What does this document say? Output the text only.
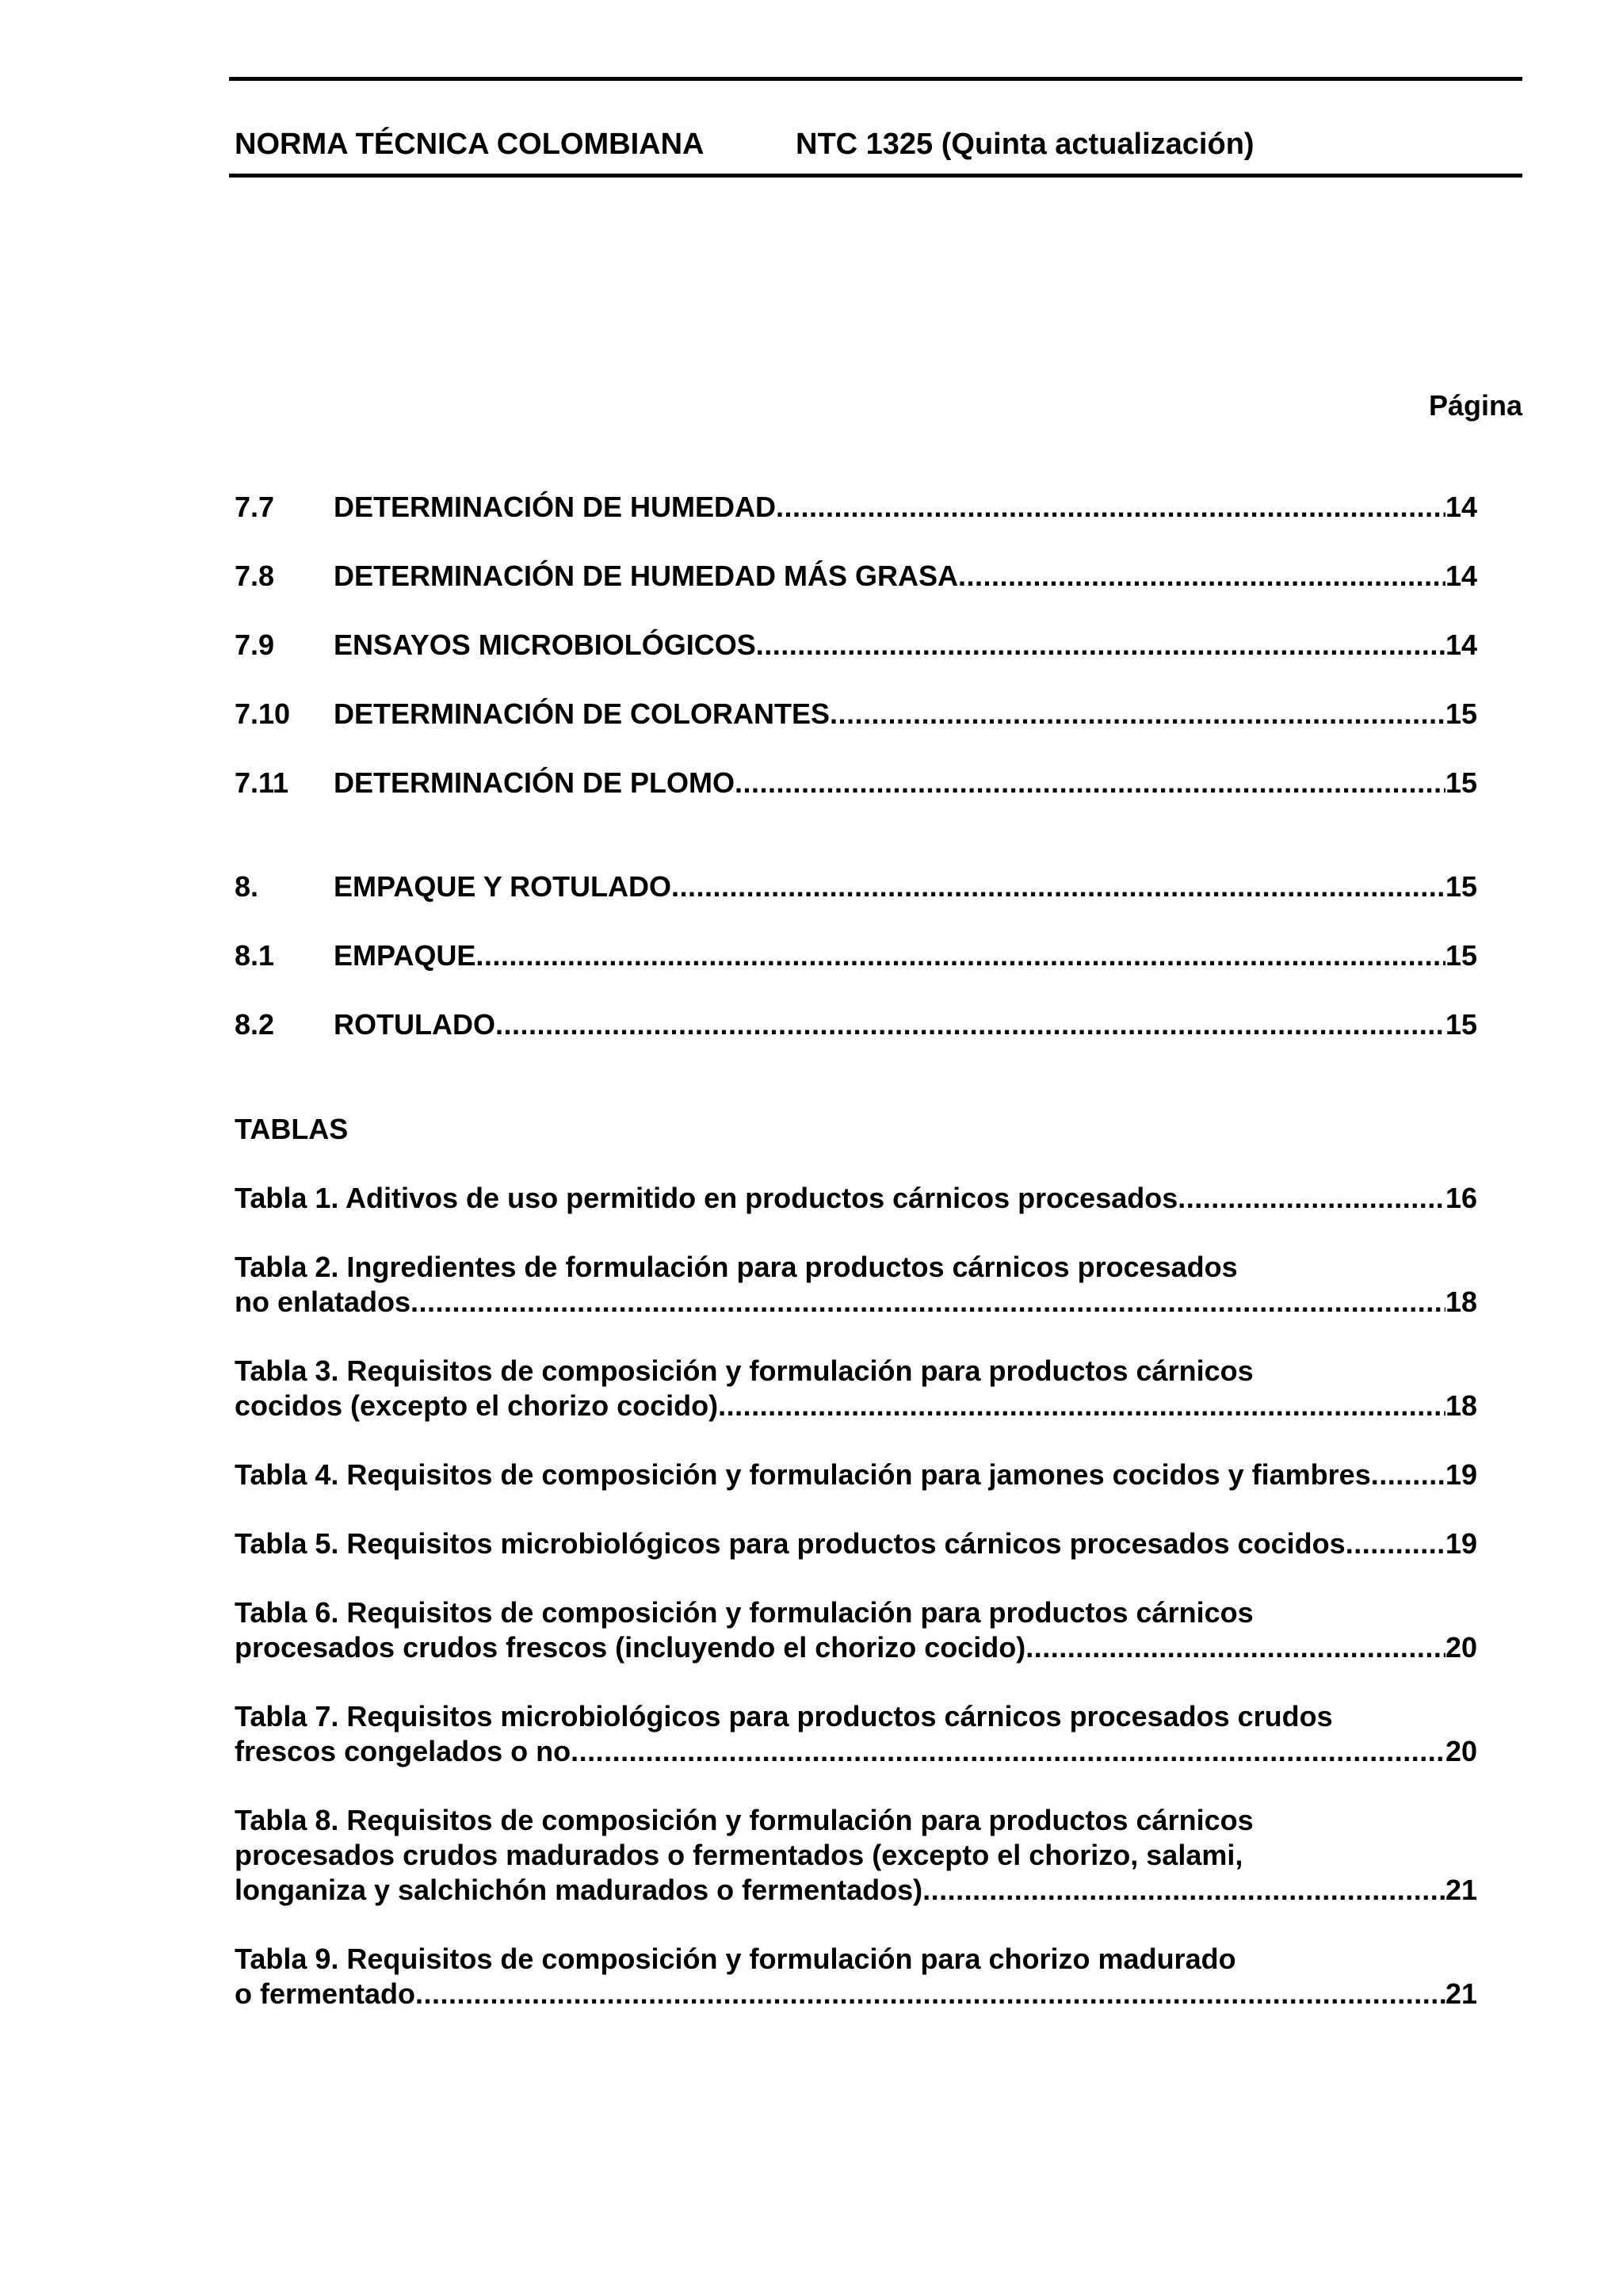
NORMA TÉCNICA COLOMBIANA	NTC 1325 (Quinta actualización)
Página
7.7	DETERMINACIÓN DE HUMEDAD .....	14
7.8	DETERMINACIÓN DE HUMEDAD MÁS GRASA .....	14
7.9	ENSAYOS MICROBIOLÓGICOS .....	14
7.10	DETERMINACIÓN DE COLORANTES .....	15
7.11	DETERMINACIÓN DE PLOMO .....	15
8.	EMPAQUE Y ROTULADO .....	15
8.1	EMPAQUE .....	15
8.2	ROTULADO .....	15
TABLAS
Tabla 1. Aditivos de uso permitido en productos cárnicos procesados .....	16
Tabla 2. Ingredientes de formulación para productos cárnicos procesados
no enlatados .....	18
Tabla 3. Requisitos de composición y formulación para productos cárnicos
cocidos (excepto el chorizo cocido) .....	18
Tabla 4. Requisitos de composición y formulación para jamones cocidos y fiambres .....	19
Tabla 5. Requisitos microbiológicos para productos cárnicos procesados cocidos .....	19
Tabla 6. Requisitos de composición y formulación para productos cárnicos
procesados crudos frescos (incluyendo el chorizo cocido) .....	20
Tabla 7. Requisitos microbiológicos para productos cárnicos procesados crudos
frescos congelados o no .....	20
Tabla 8. Requisitos de composición y formulación para productos cárnicos
procesados crudos madurados o fermentados (excepto el chorizo, salami,
longaniza y salchichón madurados o fermentados) .....	21
Tabla 9. Requisitos de composición y formulación para chorizo madurado
o fermentado .....	21
